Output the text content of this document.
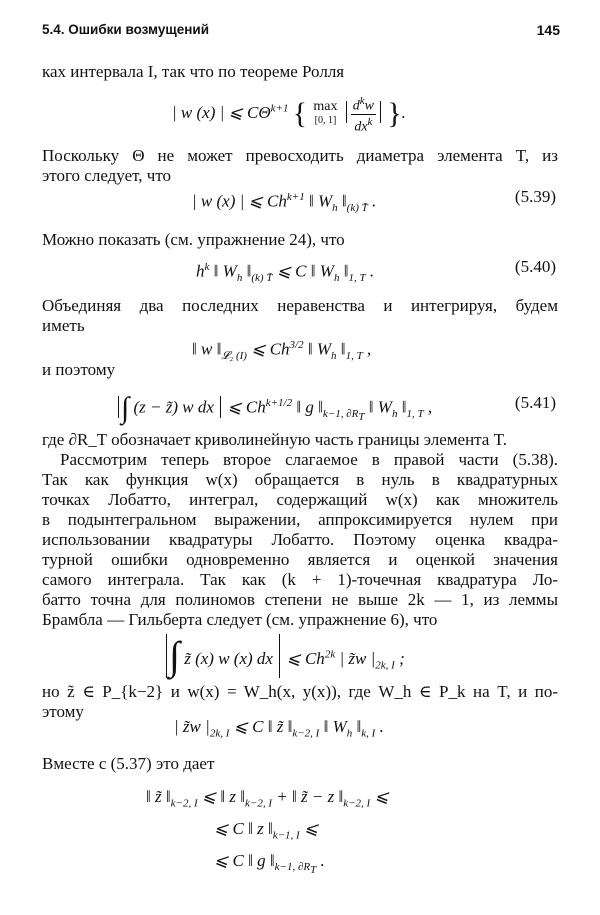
5.4. Ошибки возмущений	145
ках интервала I, так что по теореме Ролля
| w (x) | ⩽ $C\Theta^{k+1}$ { max
[0, 1]
$\frac{d^kw}{dx^k}$ }.
Поскольку Θ не может превосходить диаметра элемента T, из
этого следует, что
| w (x) | ⩽ $Ch^{k+1}$ ‖ $W_h$ $‖_{(k) T̄}$ .	(5.39)
Можно показать (см. упражнение 24), что
$h^k$ ‖ $W_h$ $‖_{(k) T̄}$ ⩽ C ‖ $W_h$ $‖_{1, T}$ .	(5.40)
Объединяя два последних неравенства и интегрируя, будем
иметь
‖ w $‖_{𝓛_2 (I)}$ ⩽ $Ch^{3/2}$ ‖ $W_h$ $‖_{1, T}$ ,
и поэтому
∫ (z − z̃) w dx  ⩽ $Ch^{k+1/2}$ ‖ g $‖_{k-1, \partial R_T}$ ‖ $W_h$ $‖_{1, T}$ ,	(5.41)
где ∂R_T обозначает криволинейную часть границы элемента T.
Рассмотрим теперь второе слагаемое в правой части (5.38).
Так как функция w(x) обращается в нуль в квадратурных
точках Лобатто, интеграл, содержащий w(x) как множитель
в подынтегральном выражении, аппроксимируется нулем при
использовании квадратуры Лобатто. Поэтому оценка квадра-
турной ошибки одновременно является и оценкой значения
самого интеграла. Так как (k + 1)-точечная квадратура Ло-
батто точна для полиномов степени не выше 2k — 1, из леммы
Брамбла — Гильберта следует (см. упражнение 6), что
∫ z̃ (x) w (x) dx  ⩽ $Ch^{2k}$ | z̃w $|_{2k, I}$ ;
но z̃ ∈ P_{k−2} и w(x) = W_h(x, y(x)), где W_h ∈ P_k на T, и по-
этому
| z̃w $|_{2k, I}$ ⩽ C ‖ z̃ $‖_{k-2, I}$ ‖ $W_h$ $‖_{k, I}$ .
Вместе с (5.37) это дает
‖ z̃ $‖_{k-2, I}$ ⩽ ‖ z $‖_{k-2, I}$ + ‖ z̃ − z $‖_{k-2, I}$ ⩽
⩽ C ‖ z $‖_{k-1, I}$ ⩽
⩽ C ‖ g $‖_{k-1, \partial R_T}$ .
